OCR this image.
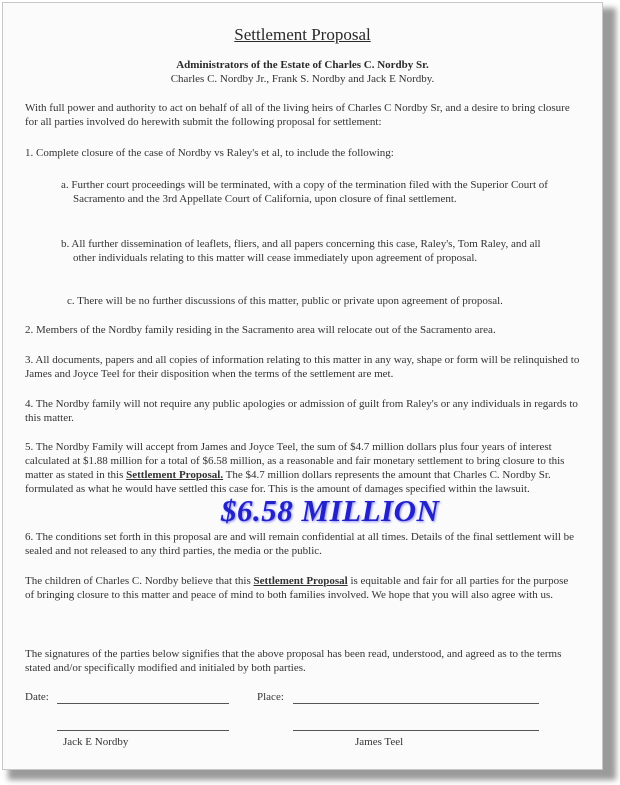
Settlement Proposal
Administrators of the Estate of Charles C. Nordby Sr.
Charles C. Nordby Jr., Frank S. Nordby and Jack E Nordby.
With full power and authority to act on behalf of all of the living heirs of Charles C Nordby Sr, and a desire to bring closure for all parties involved do herewith submit the following proposal for settlement:
1. Complete closure of the case of Nordby vs Raley's et al, to include the following:
a. Further court proceedings will be terminated, with a copy of the termination filed with the Superior Court of Sacramento and the 3rd Appellate Court of California, upon closure of final settlement.
b. All further dissemination of leaflets, fliers, and all papers concerning this case, Raley's, Tom Raley, and all other individuals relating to this matter will cease immediately upon agreement of proposal.
c. There will be no further discussions of this matter, public or private upon agreement of proposal.
2. Members of the Nordby family residing in the Sacramento area will relocate out of the Sacramento area.
3. All documents, papers and all copies of information relating to this matter in any way, shape or form will be relinquished to James and Joyce Teel for their disposition when the terms of the settlement are met.
4. The Nordby family will not require any public apologies or admission of guilt from Raley's or any individuals in regards to this matter.
5. The Nordby Family will accept from James and Joyce Teel, the sum of $4.7 million dollars plus four years of interest calculated at $1.88 million for a total of $6.58 million, as a reasonable and fair monetary settlement to bring closure to this matter as stated in this Settlement Proposal. The $4.7 million dollars represents the amount that Charles C. Nordby Sr. formulated as what he would have settled this case for. This is the amount of damages specified within the lawsuit.
$6.58 MILLION
6. The conditions set forth in this proposal are and will remain confidential at all times. Details of the final settlement will be sealed and not released to any third parties, the media or the public.
The children of Charles C. Nordby believe that this Settlement Proposal is equitable and fair for all parties for the purpose of bringing closure to this matter and peace of mind to both families involved. We hope that you will also agree with us.
The signatures of the parties below signifies that the above proposal has been read, understood, and agreed as to the terms stated and/or specifically modified and initialed by both parties.
Date:	Place:
Jack E Nordby	James Teel
